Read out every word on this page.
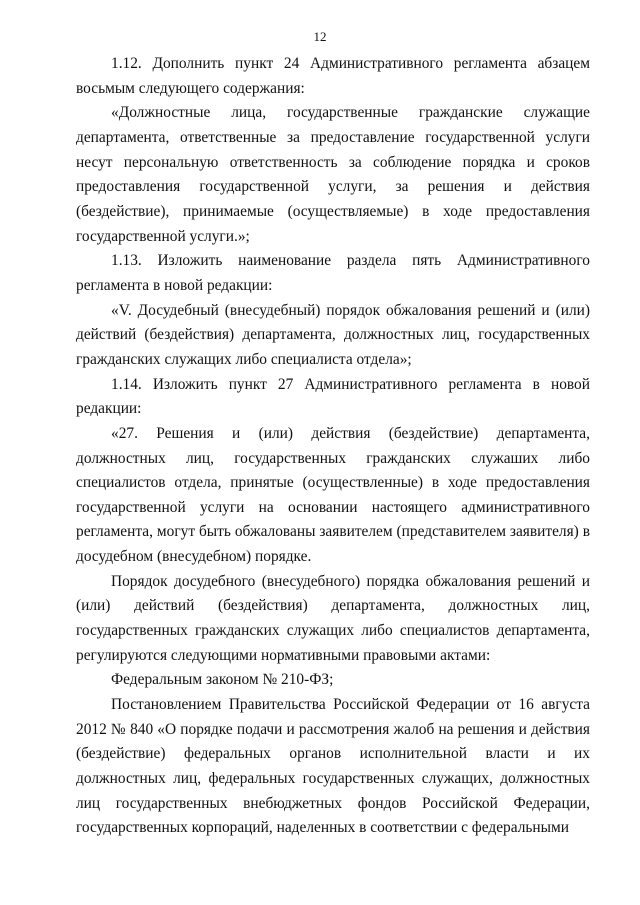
12

1.12. Дополнить пункт 24 Административного регламента абзацем восьмым следующего содержания:

«Должностные лица, государственные гражданские служащие департамента, ответственные за предоставление государственной услуги несут персональную ответственность за соблюдение порядка и сроков предоставления государственной услуги, за решения и действия (бездействие), принимаемые (осуществляемые) в ходе предоставления государственной услуги.»;

1.13. Изложить наименование раздела пять Административного регламента в новой редакции:

«V. Досудебный (внесудебный) порядок обжалования решений и (или) действий (бездействия) департамента, должностных лиц, государственных гражданских служащих либо специалиста отдела»;

1.14. Изложить пункт 27 Административного регламента в новой редакции:

«27. Решения и (или) действия (бездействие) департамента, должностных лиц, государственных гражданских служаших либо специалистов отдела, принятые (осуществленные) в ходе предоставления государственной услуги на основании настоящего административного регламента, могут быть обжалованы заявителем (представителем заявителя) в досудебном (внесудебном) порядке.

Порядок досудебного (внесудебного) порядка обжалования решений и (или) действий (бездействия) департамента, должностных лиц, государственных гражданских служащих либо специалистов департамента, регулируются следующими нормативными правовыми актами:

Федеральным законом № 210-ФЗ;

Постановлением Правительства Российской Федерации от 16 августа 2012 № 840 «О порядке подачи и рассмотрения жалоб на решения и действия (бездействие) федеральных органов исполнительной власти и их должностных лиц, федеральных государственных служащих, должностных лиц государственных внебюджетных фондов Российской Федерации, государственных корпораций, наделенных в соответствии с федеральными
